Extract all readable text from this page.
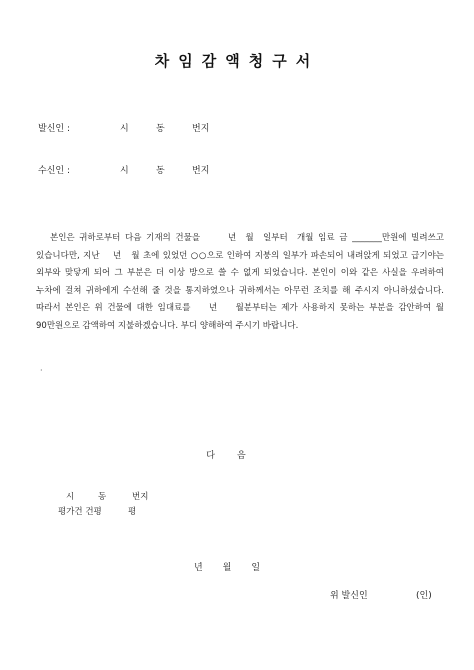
차임감액청구서
발신인 :	시	동	번지
수신인 :	시	동	번지
본인은 귀하로부터 다음 기재의 건물을      년  월  일부터  개월 임료 금 _______만원에 빌려쓰고 있습니다만, 지난    년   월 초에 있었던 ○○으로 인하여 지붕의 일부가 파손되어 내려앉게 되었고 급기야는 외부와 맞닿게 되어 그 부분은 더 이상 방으로 쓸 수 없게 되었습니다. 본인이 이와 같은 사실을 우려하여 누차에 걸쳐 귀하에게 수선해 줄 것을 통지하였으나 귀하께서는 아무런 조치를 해 주시지 아니하셨습니다. 따라서 본인은 위 건물에 대한 임대료를    년    월분부터는 제가 사용하지 못하는 부분을 감안하여 월 90만원으로 감액하여 지불하겠습니다. 부디 양해하여 주시기 바랍니다.
·
다음
시	동	번지
평가건 건평	평
년월일
위 발신인	(인)
